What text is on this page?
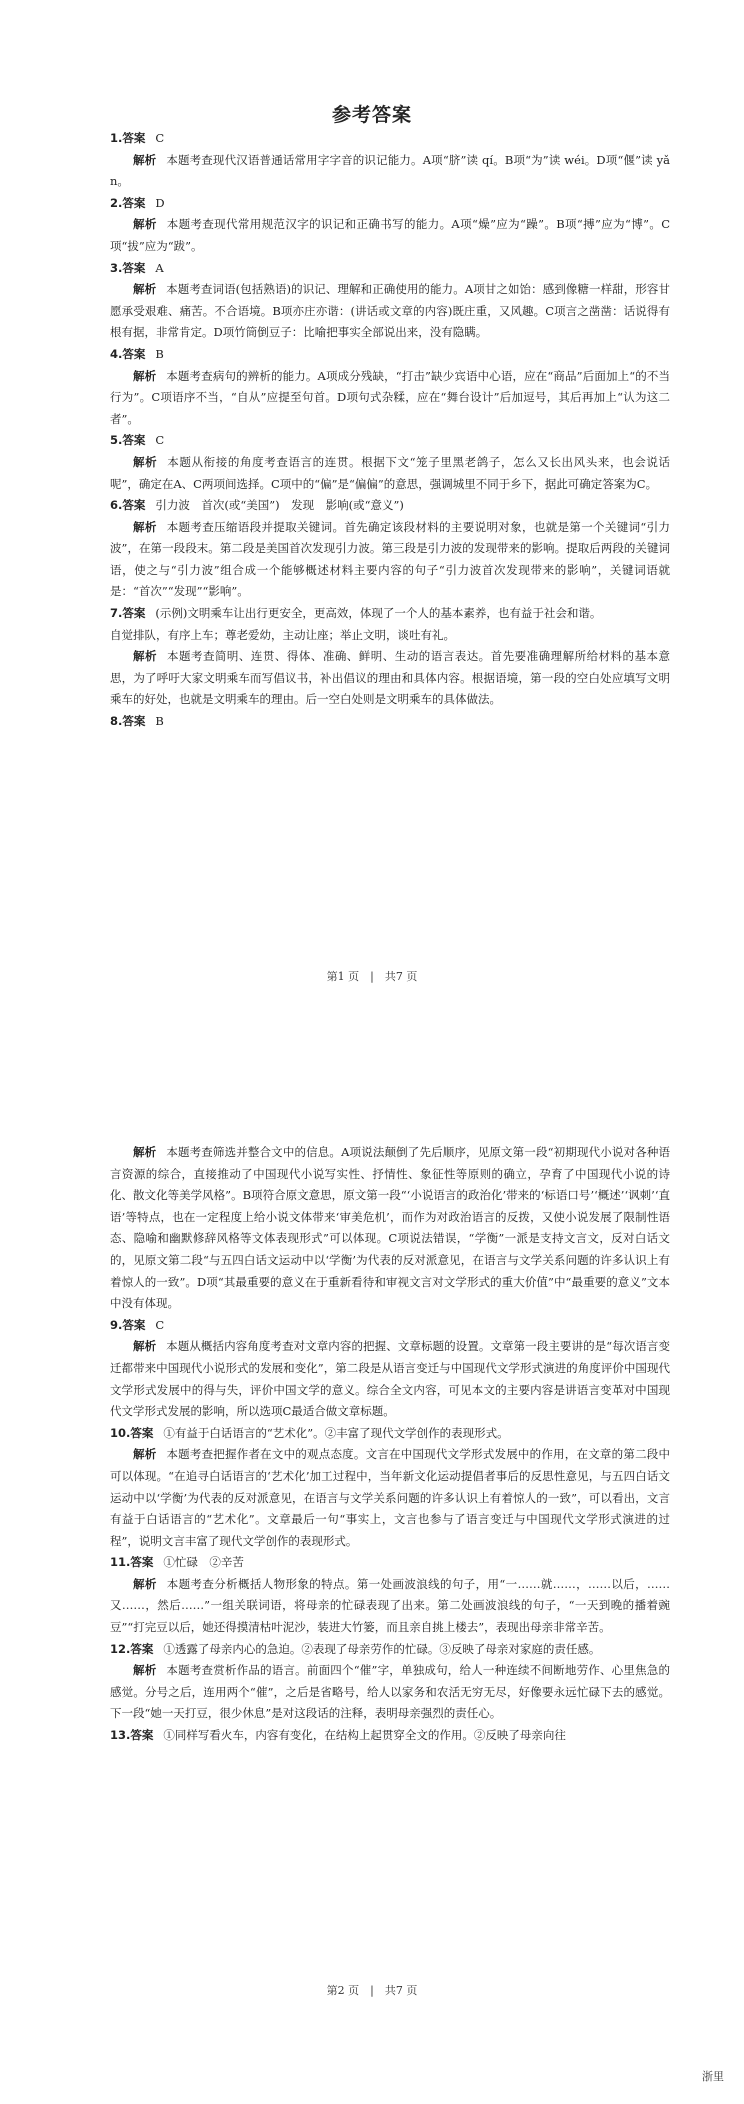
参考答案

1.答案 C

解析 本题考查现代汉语普通话常用字字音的识记能力。A项“脐”读 qí。B项“为”读 wéi。D项“偃”读 yǎn。

2.答案 D

解析 本题考查现代常用规范汉字的识记和正确书写的能力。A项“燥”应为“躁”。B项“搏”应为“博”。C项“拔”应为“跋”。

3.答案 A

解析 本题考查词语(包括熟语)的识记、理解和正确使用的能力。A项甘之如饴：感到像糖一样甜，形容甘愿承受艰难、痛苦。不合语境。B项亦庄亦谐：(讲话或文章的内容)既庄重，又风趣。C项言之凿凿：话说得有根有据，非常肯定。D项竹筒倒豆子：比喻把事实全部说出来，没有隐瞒。

4.答案 B

解析 本题考查病句的辨析的能力。A项成分残缺，“打击”缺少宾语中心语，应在“商品”后面加上“的不当行为”。C项语序不当，“自从”应提至句首。D项句式杂糅，应在“舞台设计”后加逗号，其后再加上“认为这二者”。

5.答案 C

解析 本题从衔接的角度考查语言的连贯。根据下文“笼子里黑老鸽子，怎么又长出风头来，也会说话呢”，确定在A、C两项间选择。C项中的“偏”是“偏偏”的意思，强调城里不同于乡下，据此可确定答案为C。

6.答案 引力波　首次(或“美国”)　发现　影响(或“意义”)

解析 本题考查压缩语段并提取关键词。首先确定该段材料的主要说明对象，也就是第一个关键词“引力波”，在第一段段末。第二段是美国首次发现引力波。第三段是引力波的发现带来的影响。提取后两段的关键词语，使之与“引力波”组合成一个能够概述材料主要内容的句子“引力波首次发现带来的影响”，关键词语就是：“首次”“发现”“影响”。

7.答案 (示例)文明乘车让出行更安全，更高效，体现了一个人的基本素养，也有益于社会和谐。

自觉排队，有序上车；尊老爱幼，主动让座；举止文明，谈吐有礼。

解析 本题考查简明、连贯、得体、准确、鲜明、生动的语言表达。首先要准确理解所给材料的基本意思，为了呼吁大家文明乘车而写倡议书，补出倡议的理由和具体内容。根据语境，第一段的空白处应填写文明乘车的好处，也就是文明乘车的理由。后一空白处则是文明乘车的具体做法。

8.答案 B

第1 页　|　共7 页

解析 本题考查筛选并整合文中的信息。A项说法颠倒了先后顺序，见原文第一段“初期现代小说对各种语言资源的综合，直接推动了中国现代小说写实性、抒情性、象征性等原则的确立，孕育了中国现代小说的诗化、散文化等美学风格”。B项符合原文意思，原文第一段“‘小说语言的政治化’带来的‘标语口号’‘概述’‘讽刺’‘直语’等特点，也在一定程度上给小说文体带来‘审美危机’，而作为对政治语言的反拨，又使小说发展了限制性语态、隐喻和幽默修辞风格等文体表现形式”可以体现。C项说法错误，“学衡”一派是支持文言文，反对白话文的，见原文第二段“与五四白话文运动中以‘学衡’为代表的反对派意见，在语言与文学关系问题的许多认识上有着惊人的一致”。D项“其最重要的意义在于重新看待和审视文言对文学形式的重大价值”中“最重要的意义”文本中没有体现。

9.答案 C

解析 本题从概括内容角度考查对文章内容的把握、文章标题的设置。文章第一段主要讲的是“每次语言变迁都带来中国现代小说形式的发展和变化”，第二段是从语言变迁与中国现代文学形式演进的角度评价中国现代文学形式发展中的得与失，评价中国文学的意义。综合全文内容，可见本文的主要内容是讲语言变革对中国现代文学形式发展的影响，所以选项C最适合做文章标题。

10.答案 ①有益于白话语言的“艺术化”。②丰富了现代文学创作的表现形式。

解析 本题考查把握作者在文中的观点态度。文言在中国现代文学形式发展中的作用，在文章的第二段中可以体现。“在追寻白话语言的‘艺术化’加工过程中，当年新文化运动提倡者事后的反思性意见，与五四白话文运动中以‘学衡’为代表的反对派意见，在语言与文学关系问题的许多认识上有着惊人的一致”，可以看出，文言有益于白话语言的“艺术化”。文章最后一句“事实上，文言也参与了语言变迁与中国现代文学形式演进的过程”，说明文言丰富了现代文学创作的表现形式。

11.答案 ①忙碌　②辛苦

解析 本题考查分析概括人物形象的特点。第一处画波浪线的句子，用“一……就……，……以后，……又……，然后……”一组关联词语，将母亲的忙碌表现了出来。第二处画波浪线的句子，“一天到晚的播着豌豆”“打完豆以后，她还得摸清枯叶泥沙，装进大竹篓，而且亲自挑上楼去”，表现出母亲非常辛苦。

12.答案 ①透露了母亲内心的急迫。②表现了母亲劳作的忙碌。③反映了母亲对家庭的责任感。

解析 本题考查赏析作品的语言。前面四个“催”字，单独成句，给人一种连续不间断地劳作、心里焦急的感觉。分号之后，连用两个“催”，之后是省略号，给人以家务和农活无穷无尽，好像要永远忙碌下去的感觉。下一段“她一天打豆，很少休息”是对这段话的注释，表明母亲强烈的责任心。

13.答案 ①同样写看火车，内容有变化，在结构上起贯穿全文的作用。②反映了母亲向往

第2 页　|　共7 页
浙里
